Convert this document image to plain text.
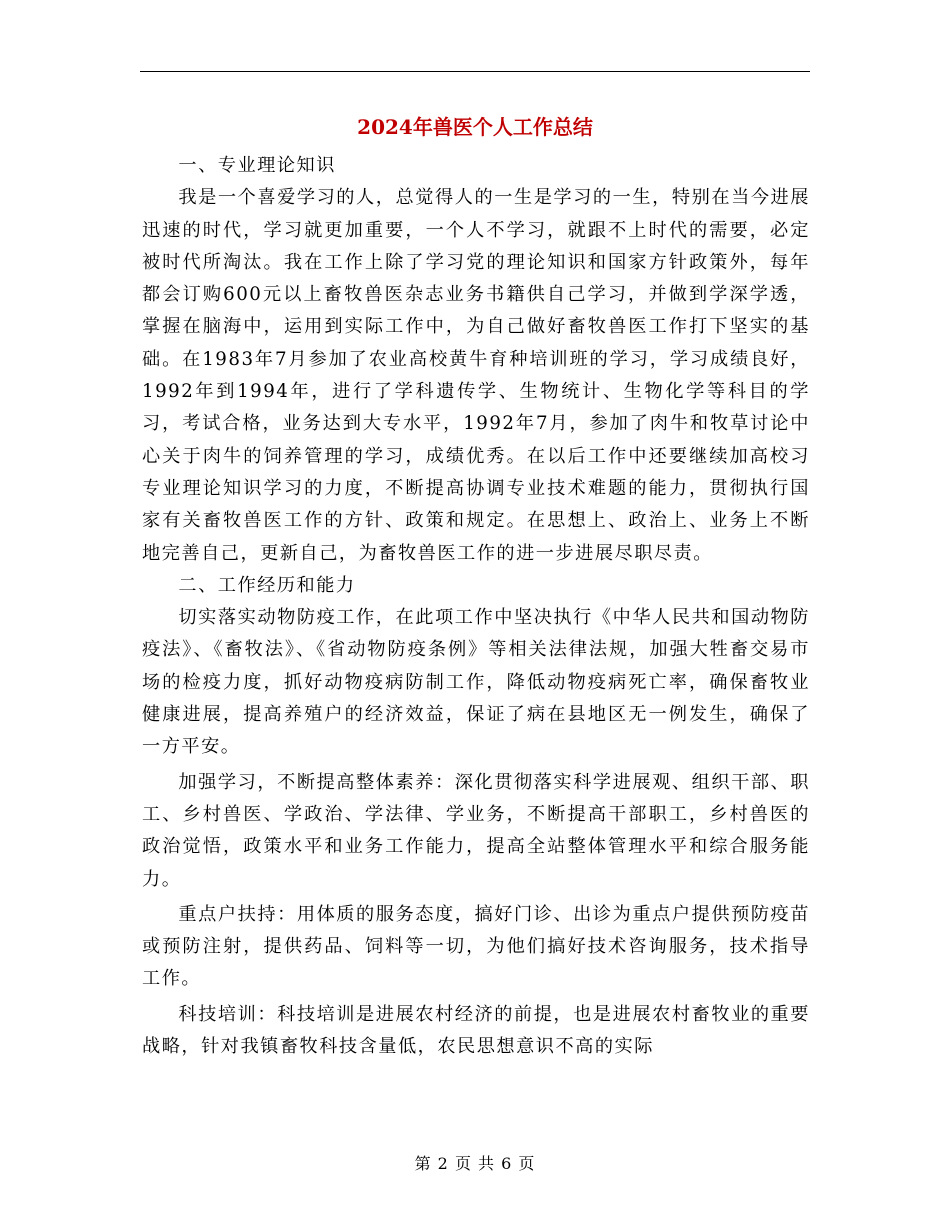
2024年兽医个人工作总结

一、专业理论知识

我是一个喜爱学习的人，总觉得人的一生是学习的一生，特别在当今进展迅速的时代，学习就更加重要，一个人不学习，就跟不上时代的需要，必定被时代所淘汰。我在工作上除了学习党的理论知识和国家方针政策外，每年都会订购600元以上畜牧兽医杂志业务书籍供自己学习，并做到学深学透，掌握在脑海中，运用到实际工作中，为自己做好畜牧兽医工作打下坚实的基础。在1983年7月参加了农业高校黄牛育种培训班的学习，学习成绩良好，1992年到1994年，进行了学科遗传学、生物统计、生物化学等科目的学习，考试合格，业务达到大专水平，1992年7月，参加了肉牛和牧草讨论中心关于肉牛的饲养管理的学习，成绩优秀。在以后工作中还要继续加高校习专业理论知识学习的力度，不断提高协调专业技术难题的能力，贯彻执行国家有关畜牧兽医工作的方针、政策和规定。在思想上、政治上、业务上不断地完善自己，更新自己，为畜牧兽医工作的进一步进展尽职尽责。

二、工作经历和能力

切实落实动物防疫工作，在此项工作中坚决执行《中华人民共和国动物防疫法》、《畜牧法》、《省动物防疫条例》等相关法律法规，加强大牲畜交易市场的检疫力度，抓好动物疫病防制工作，降低动物疫病死亡率，确保畜牧业健康进展，提高养殖户的经济效益，保证了病在县地区无一例发生，确保了一方平安。

加强学习，不断提高整体素养：深化贯彻落实科学进展观、组织干部、职工、乡村兽医、学政治、学法律、学业务，不断提高干部职工，乡村兽医的政治觉悟，政策水平和业务工作能力，提高全站整体管理水平和综合服务能力。

重点户扶持：用体质的服务态度，搞好门诊、出诊为重点户提供预防疫苗或预防注射，提供药品、饲料等一切，为他们搞好技术咨询服务，技术指导工作。

科技培训：科技培训是进展农村经济的前提，也是进展农村畜牧业的重要战略，针对我镇畜牧科技含量低，农民思想意识不高的实际

第 2 页 共 6 页
